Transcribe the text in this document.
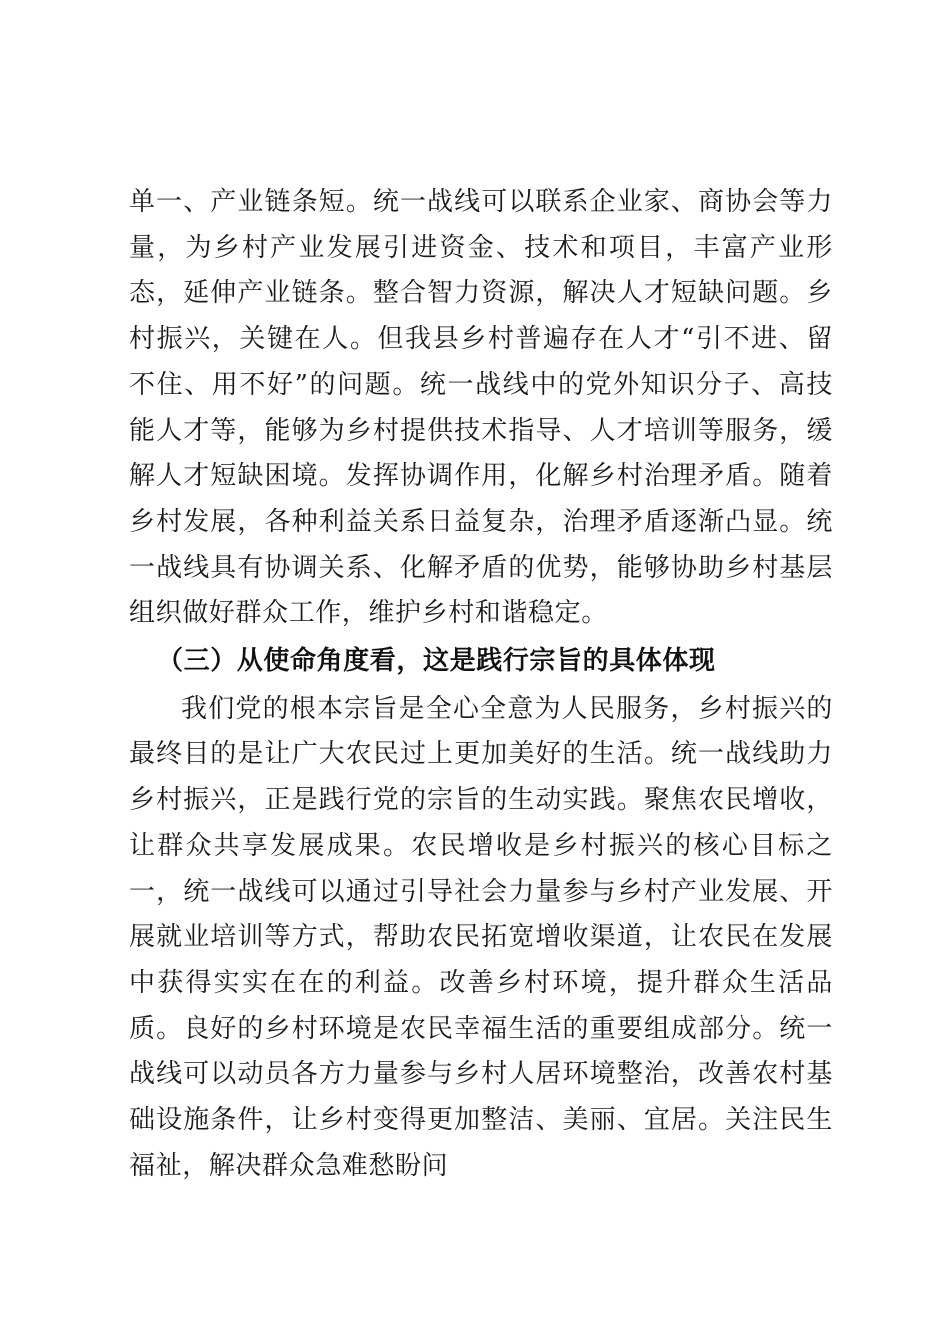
单一、产业链条短。统一战线可以联系企业家、商协会等力量，为乡村产业发展引进资金、技术和项目，丰富产业形态，延伸产业链条。整合智力资源，解决人才短缺问题。乡村振兴，关键在人。但我县乡村普遍存在人才“引不进、留不住、用不好”的问题。统一战线中的党外知识分子、高技能人才等，能够为乡村提供技术指导、人才培训等服务，缓解人才短缺困境。发挥协调作用，化解乡村治理矛盾。随着乡村发展，各种利益关系日益复杂，治理矛盾逐渐凸显。统一战线具有协调关系、化解矛盾的优势，能够协助乡村基层组织做好群众工作，维护乡村和谐稳定。

（三）从使命角度看，这是践行宗旨的具体体现

我们党的根本宗旨是全心全意为人民服务，乡村振兴的最终目的是让广大农民过上更加美好的生活。统一战线助力乡村振兴，正是践行党的宗旨的生动实践。聚焦农民增收，让群众共享发展成果。农民增收是乡村振兴的核心目标之一，统一战线可以通过引导社会力量参与乡村产业发展、开展就业培训等方式，帮助农民拓宽增收渠道，让农民在发展中获得实实在在的利益。改善乡村环境，提升群众生活品质。良好的乡村环境是农民幸福生活的重要组成部分。统一战线可以动员各方力量参与乡村人居环境整治，改善农村基础设施条件，让乡村变得更加整洁、美丽、宜居。关注民生福祉，解决群众急难愁盼问
